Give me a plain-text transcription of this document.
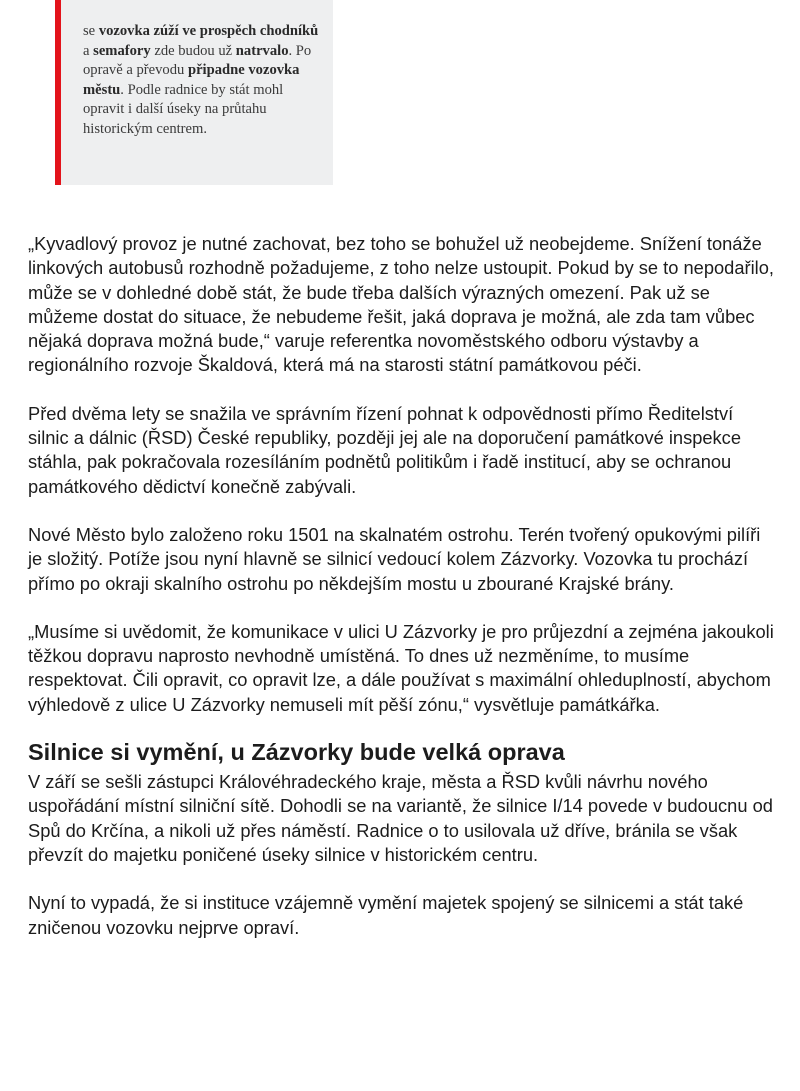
se vozovka zúží ve prospěch chodníků a semafory zde budou už natrvalo. Po opravě a převodu připadne vozovka městu. Podle radnice by stát mohl opravit i další úseky na průtahu historickým centrem.

„Kyvadlový provoz je nutné zachovat, bez toho se bohužel už neobejdeme. Snížení tonáže linkových autobusů rozhodně požadujeme, z toho nelze ustoupit. Pokud by se to nepodařilo, může se v dohledné době stát, že bude třeba dalších výrazných omezení. Pak už se můžeme dostat do situace, že nebudeme řešit, jaká doprava je možná, ale zda tam vůbec nějaká doprava možná bude,“ varuje referentka novoměstského odboru výstavby a regionálního rozvoje Škaldová, která má na starosti státní památkovou péči.

Před dvěma lety se snažila ve správním řízení pohnat k odpovědnosti přímo Ředitelství silnic a dálnic (ŘSD) České republiky, později jej ale na doporučení památkové inspekce stáhla, pak pokračovala rozesíláním podnětů politikům i řadě institucí, aby se ochranou památkového dědictví konečně zabývali.

Nové Město bylo založeno roku 1501 na skalnatém ostrohu. Terén tvořený opukovými pilíři je složitý. Potíže jsou nyní hlavně se silnicí vedoucí kolem Zázvorky. Vozovka tu prochází přímo po okraji skalního ostrohu po někdejším mostu u zbourané Krajské brány.

„Musíme si uvědomit, že komunikace v ulici U Zázvorky je pro průjezdní a zejména jakoukoli těžkou dopravu naprosto nevhodně umístěná. To dnes už nezměníme, to musíme respektovat. Čili opravit, co opravit lze, a dále používat s maximální ohleduplností, abychom výhledově z ulice U Zázvorky nemuseli mít pěší zónu,“ vysvětluje památkářka.

Silnice si vymění, u Zázvorky bude velká oprava

V září se sešli zástupci Královéhradeckého kraje, města a ŘSD kvůli návrhu nového uspořádání místní silniční sítě. Dohodli se na variantě, že silnice I/14 povede v budoucnu od Spů do Krčína, a nikoli už přes náměstí. Radnice o to usilovala už dříve, bránila se však převzít do majetku poničené úseky silnice v historickém centru.

Nyní to vypadá, že si instituce vzájemně vymění majetek spojený se silnicemi a stát také zničenou vozovku nejprve opraví.
